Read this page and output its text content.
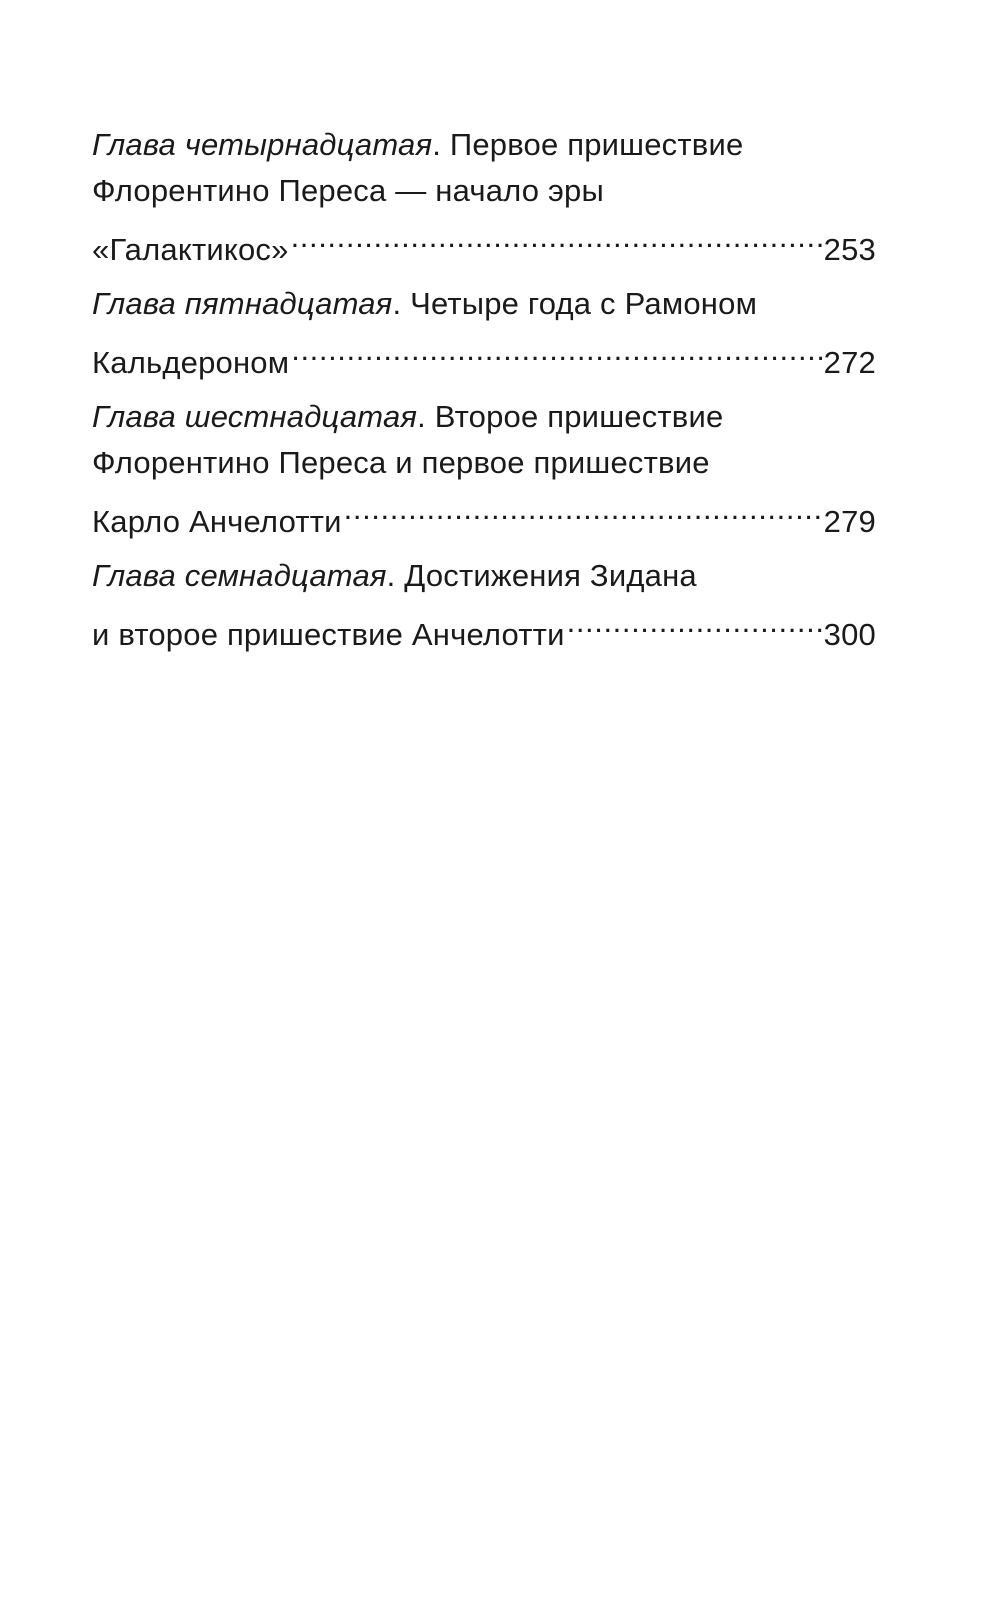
Глава четырнадцатая. Первое пришествие
Флорентино Переса — начало эры
«Галактикос» .....	253
Глава пятнадцатая. Четыре года с Рамоном
Кальдероном .....	272
Глава шестнадцатая. Второе пришествие
Флорентино Переса и первое пришествие
Карло Анчелотти .....	279
Глава семнадцатая. Достижения Зидана
и второе пришествие Анчелотти .....	300
